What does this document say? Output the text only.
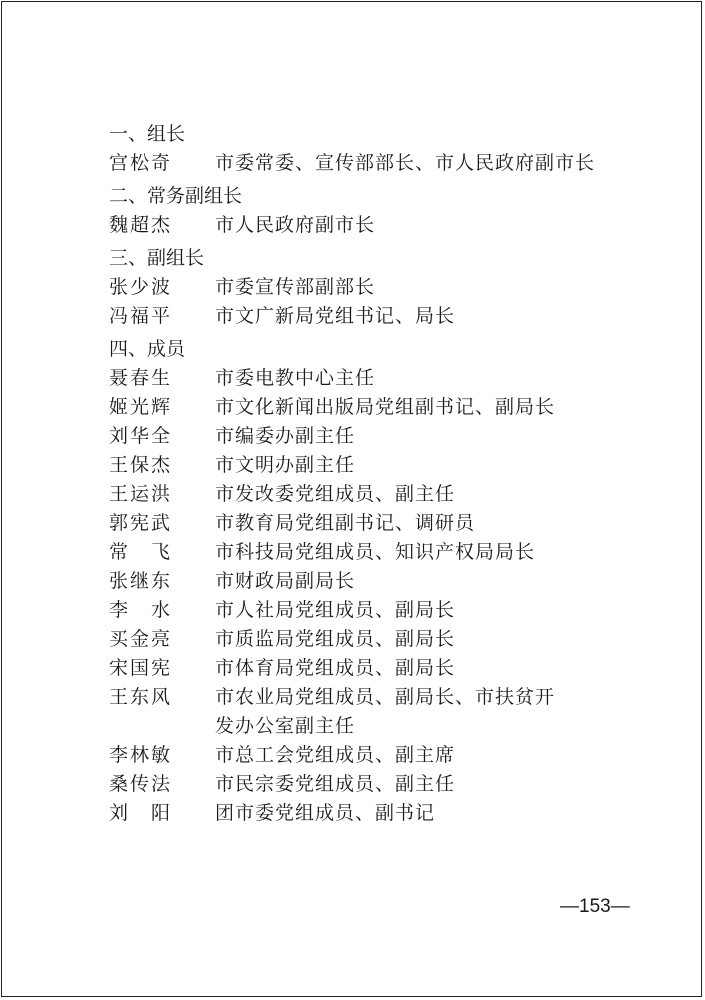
一、组长
宫松奇	市委常委、宣传部部长、市人民政府副市长
二、常务副组长
魏超杰	市人民政府副市长
三、副组长
张少波	市委宣传部副部长
冯福平	市文广新局党组书记、局长
四、成员
聂春生	市委电教中心主任
姬光辉	市文化新闻出版局党组副书记、副局长
刘华全	市编委办副主任
王保杰	市文明办副主任
王运洪	市发改委党组成员、副主任
郭宪武	市教育局党组副书记、调研员
常　飞	市科技局党组成员、知识产权局局长
张继东	市财政局副局长
李　水	市人社局党组成员、副局长
买金亮	市质监局党组成员、副局长
宋国宪	市体育局党组成员、副局长
王东风	市农业局党组成员、副局长、市扶贫开
发办公室副主任
李林敏	市总工会党组成员、副主席
桑传法	市民宗委党组成员、副主任
刘　阳	团市委党组成员、副书记
—153—
